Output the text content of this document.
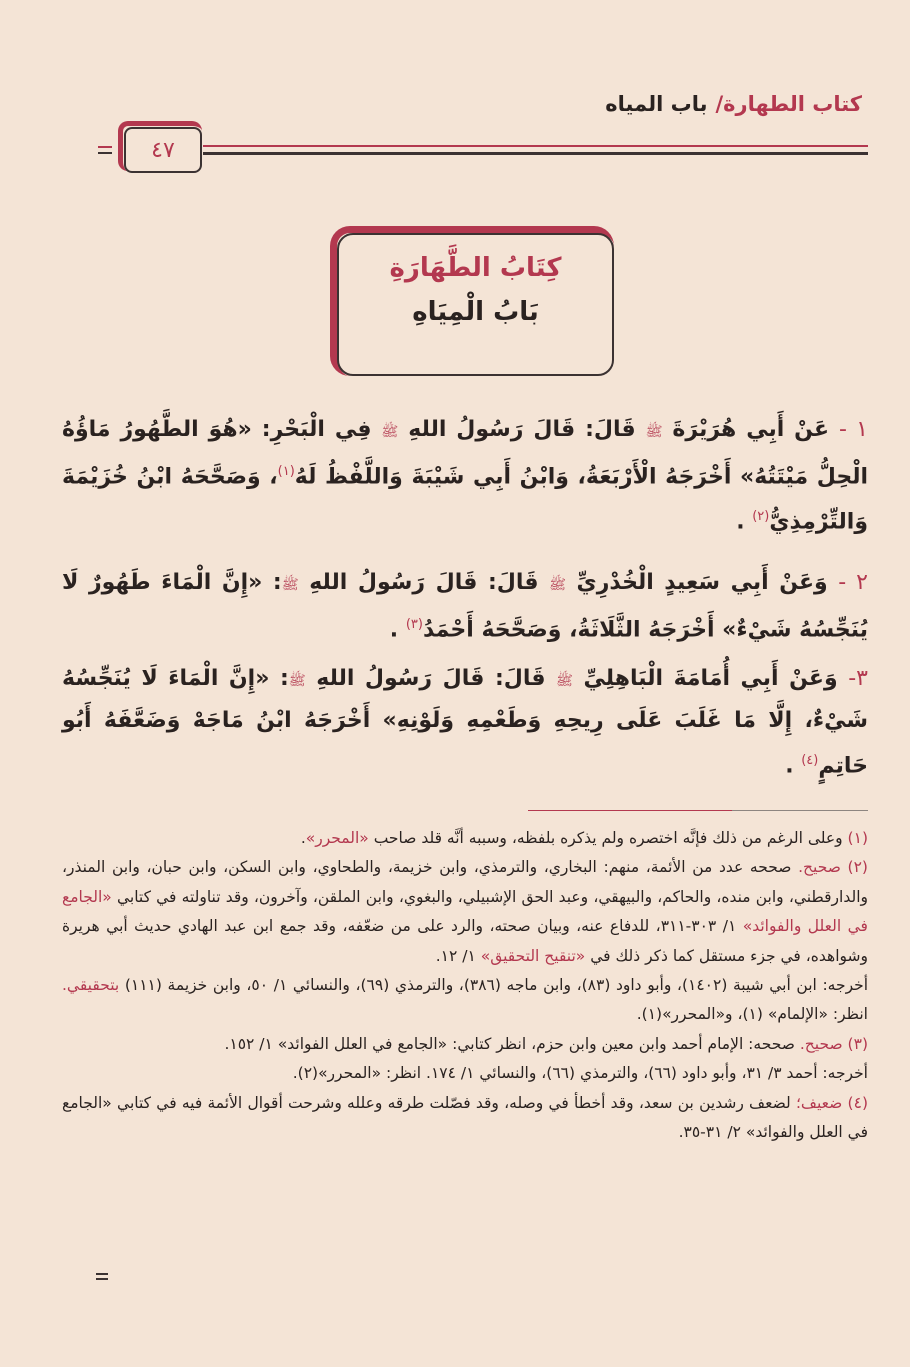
كتاب الطهارة/باب المياه
٤٧
كِتَابُ الطَّهَارَةِ
بَابُ الْمِيَاهِ
١ - عَنْ أَبِي هُرَيْرَةَ ﷺ قَالَ: قَالَ رَسُولُ اللهِ ﷺ فِي الْبَحْرِ: «هُوَ الطَّهُورُ مَاؤُهُ الْحِلُّ مَيْتَتُهُ» أَخْرَجَهُ الْأَرْبَعَةُ، وَابْنُ أَبِي شَيْبَةَ وَاللَّفْظُ لَهُ$^{(١)}$، وَصَحَّحَهُ ابْنُ خُزَيْمَةَ وَالتِّرْمِذِيُّ$^{(٢)}$ .
٢ - وَعَنْ أَبِي سَعِيدٍ الْخُدْرِيِّ ﷺ قَالَ: قَالَ رَسُولُ اللهِ ﷺ: «إِنَّ الْمَاءَ طَهُورٌ لَا يُنَجِّسُهُ شَيْءٌ» أَخْرَجَهُ الثَّلَاثَةُ، وَصَحَّحَهُ أَحْمَدُ$^{(٣)}$ .
٣- وَعَنْ أَبِي أُمَامَةَ الْبَاهِلِيِّ ﷺ قَالَ: قَالَ رَسُولُ اللهِ ﷺ: «إِنَّ الْمَاءَ لَا يُنَجِّسُهُ شَيْءٌ، إِلَّا مَا غَلَبَ عَلَى رِيحِهِ وَطَعْمِهِ وَلَوْنِهِ» أَخْرَجَهُ ابْنُ مَاجَهْ وَضَعَّفَهُ أَبُو حَاتِمٍ$^{(٤)}$ .

(١) وعلى الرغم من ذلك فإنَّه اختصره ولم يذكره بلفظه، وسببه أنَّه قلد صاحب «المحرر».

(٢) صحيح. صححه عدد من الأئمة، منهم: البخاري، والترمذي، وابن خزيمة، والطحاوي، وابن السكن، وابن حبان، وابن المنذر، والدارقطني، وابن منده، والحاكم، والبيهقي، وعبد الحق الإشبيلي، والبغوي، وابن الملقن، وآخرون، وقد تناولته في كتابي «الجامع في العلل والفوائد» ١/ ٣٠٣-٣١١، للدفاع عنه، وبيان صحته، والرد على من ضعّفه، وقد جمع ابن عبد الهادي حديث أبي هريرة وشواهده، في جزء مستقل كما ذكر ذلك في «تنقيح التحقيق» ١/ ١٢.

أخرجه: ابن أبي شيبة (١٤٠٢)، وأبو داود (٨٣)، وابن ماجه (٣٨٦)، والترمذي (٦٩)، والنسائي ١/ ٥٠، وابن خزيمة (١١١) بتحقيقي. انظر: «الإلمام» (١)، و«المحرر»(١).

(٣) صحيح. صححه: الإمام أحمد وابن معين وابن حزم، انظر كتابي: «الجامع في العلل الفوائد» ١/ ١٥٢.

أخرجه: أحمد ٣/ ٣١، وأبو داود (٦٦)، والترمذي (٦٦)، والنسائي ١/ ١٧٤. انظر: «المحرر»(٢).

(٤) ضعيف؛ لضعف رشدين بن سعد، وقد أخطأ في وصله، وقد فصّلت طرقه وعلله وشرحت أقوال الأئمة فيه في كتابي «الجامع في العلل والفوائد» ٢/ ٣١-٣٥.
